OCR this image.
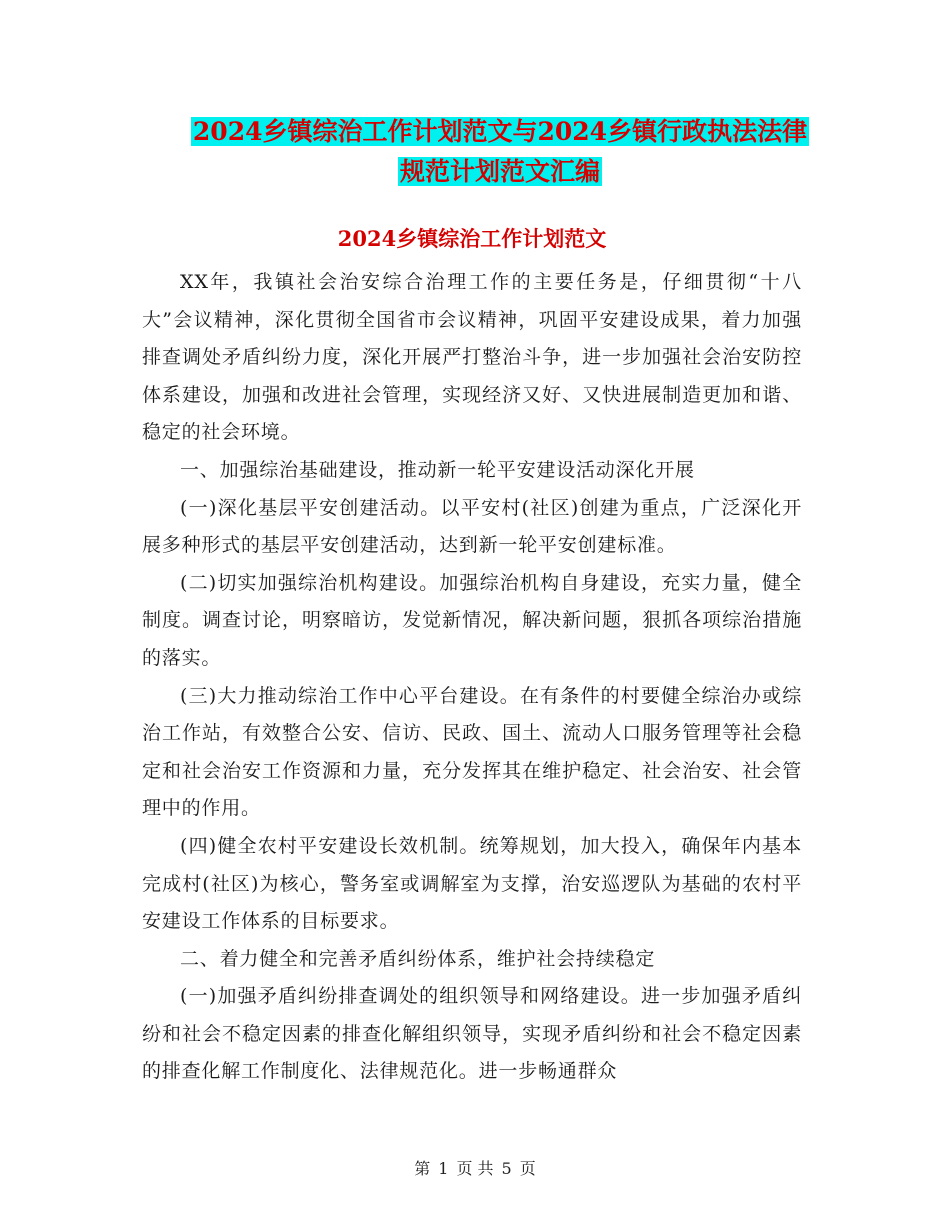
2024乡镇综治工作计划范文与2024乡镇行政执法法律
规范计划范文汇编
2024乡镇综治工作计划范文

XX年，我镇社会治安综合治理工作的主要任务是，仔细贯彻“十八大”会议精神，深化贯彻全国省市会议精神，巩固平安建设成果，着力加强排查调处矛盾纠纷力度，深化开展严打整治斗争，进一步加强社会治安防控体系建设，加强和改进社会管理，实现经济又好、又快进展制造更加和谐、稳定的社会环境。

一、加强综治基础建设，推动新一轮平安建设活动深化开展

(一)深化基层平安创建活动。以平安村(社区)创建为重点，广泛深化开展多种形式的基层平安创建活动，达到新一轮平安创建标准。

(二)切实加强综治机构建设。加强综治机构自身建设，充实力量，健全制度。调查讨论，明察暗访，发觉新情况，解决新问题，狠抓各项综治措施的落实。

(三)大力推动综治工作中心平台建设。在有条件的村要健全综治办或综治工作站，有效整合公安、信访、民政、国土、流动人口服务管理等社会稳定和社会治安工作资源和力量，充分发挥其在维护稳定、社会治安、社会管理中的作用。

(四)健全农村平安建设长效机制。统筹规划，加大投入，确保年内基本完成村(社区)为核心，警务室或调解室为支撑，治安巡逻队为基础的农村平安建设工作体系的目标要求。

二、着力健全和完善矛盾纠纷体系，维护社会持续稳定

(一)加强矛盾纠纷排查调处的组织领导和网络建设。进一步加强矛盾纠纷和社会不稳定因素的排查化解组织领导，实现矛盾纠纷和社会不稳定因素的排查化解工作制度化、法律规范化。进一步畅通群众

第 1 页 共 5 页
